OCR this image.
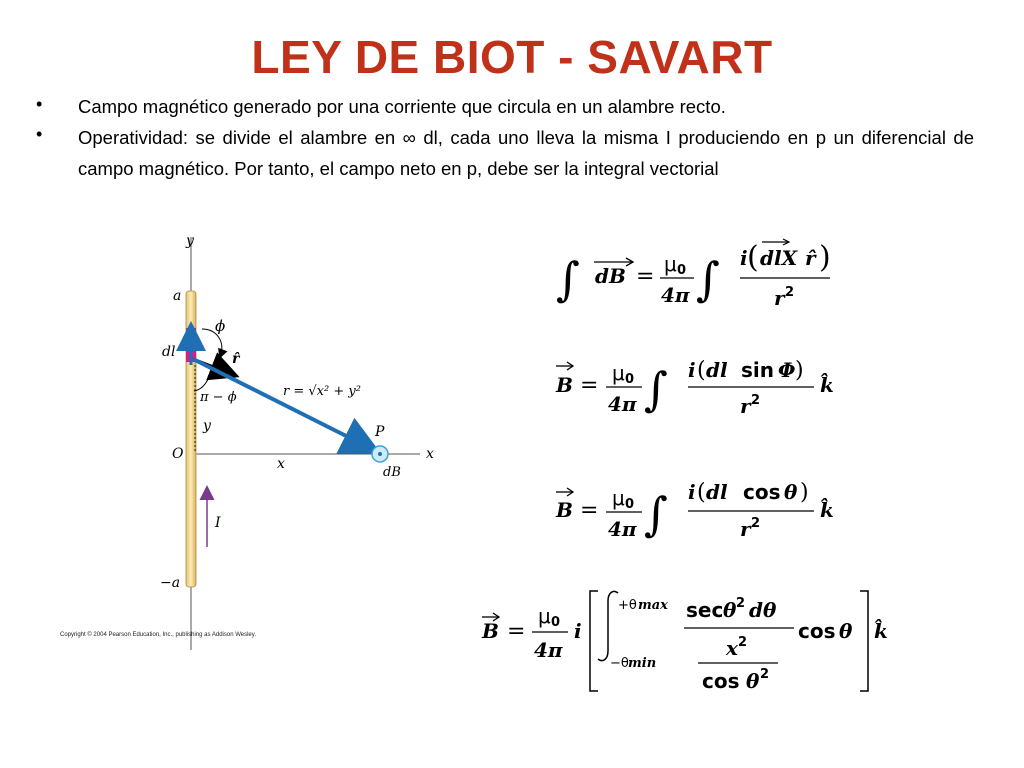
LEY DE BIOT - SAVART
• Campo magnético generado por una corriente que circula en un alambre recto.
• Operatividad: se divide el alambre en ∞ dl, cada uno lleva la misma I produciendo en p un diferencial de campo magnético. Por tanto, el campo neto en p, debe ser la integral vectorial
y
x
a
−a
dl
ϕ
r̂
r = √x² + y²
π − ϕ
y
O
x
P
dB
I
Copyright © 2004 Pearson Education, Inc., publishing as Addison Wesley.
∫ dB = μ 0
4π ∫ (
i dlX r̂ )
r 2
B = μ 0
4π ∫ i ( dl sin Φ )
r 2
k̂
B = μ 0
4π ∫ i ( dl cos θ )
r 2
k̂
B =
μ 0
4π
i
+θ max
−θ min
sec θ 2 dθ
x 2
cos θ 2
cos θ k̂
